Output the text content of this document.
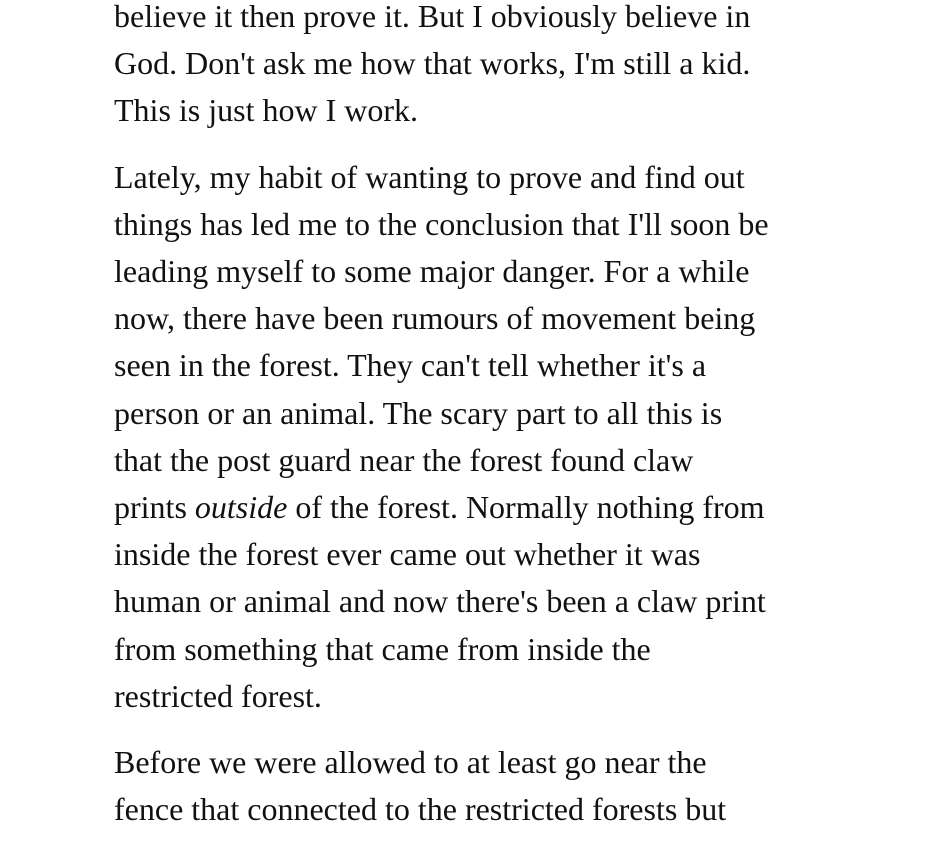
believe it then prove it. But I obviously believe in
God. Don't ask me how that works, I'm still a kid.
This is just how I work.

Lately, my habit of wanting to prove and find out
things has led me to the conclusion that I'll soon be
leading myself to some major danger. For a while
now, there have been rumours of movement being
seen in the forest. They can't tell whether it's a
person or an animal. The scary part to all this is
that the post guard near the forest found claw
prints outside of the forest. Normally nothing from
inside the forest ever came out whether it was
human or animal and now there's been a claw print
from something that came from inside the
restricted forest.

Before we were allowed to at least go near the
fence that connected to the restricted forests but
